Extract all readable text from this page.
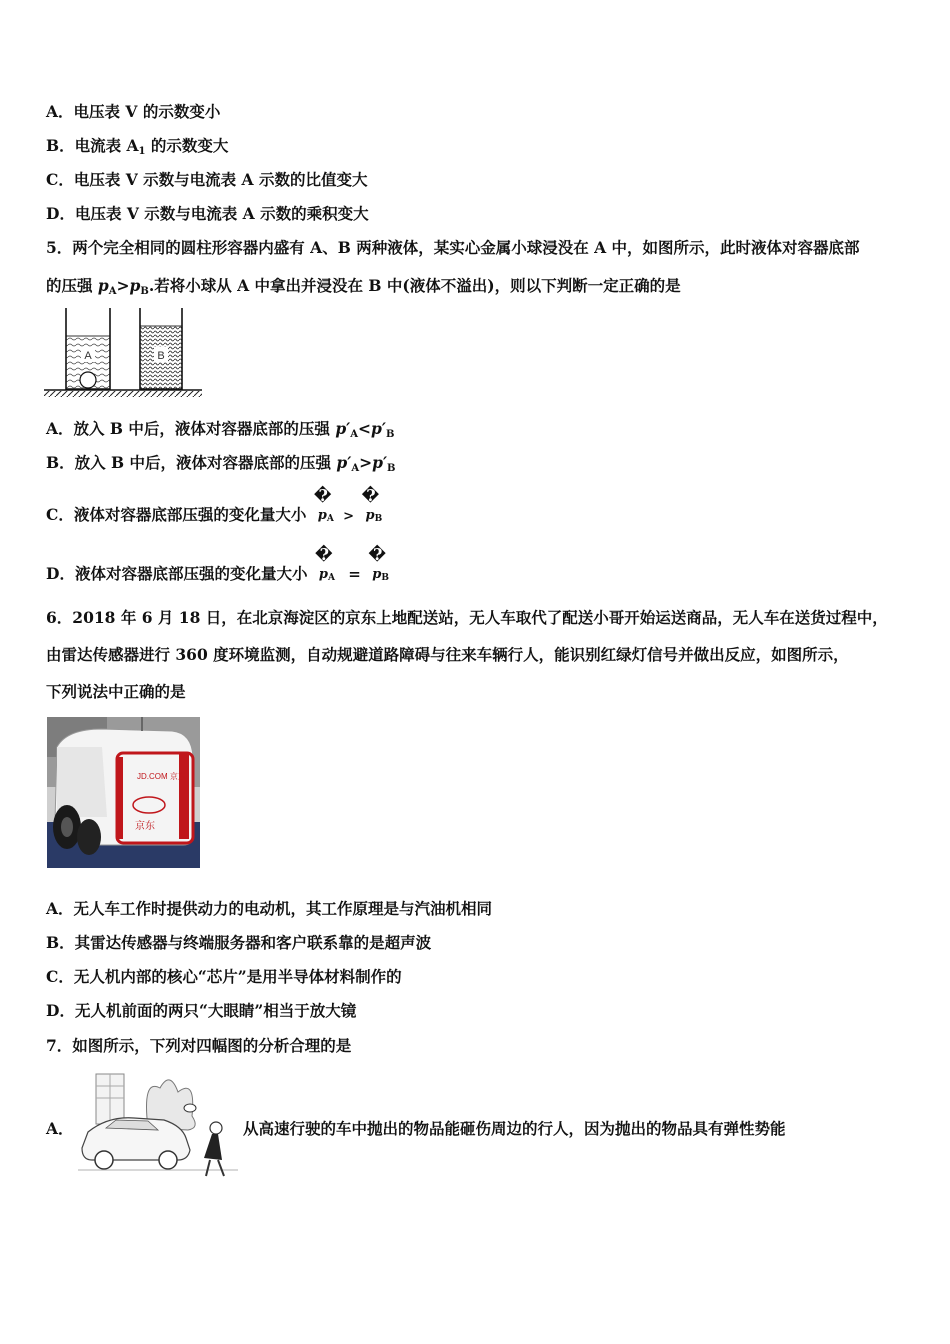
A．电压表 V 的示数变小
B．电流表 $A_1$ 的示数变大
C．电压表 V 示数与电流表 A 示数的比值变大
D．电压表 V 示数与电流表 A 示数的乘积变大
5．两个完全相同的圆柱形容器内盛有 A、B 两种液体，某实心金属小球浸没在 A 中，如图所示，此时液体对容器底部
的压强 $p_A>p_B$.若将小球从 A 中拿出并浸没在 B 中(液体不溢出)，则以下判断一定正确的是
A	B
A．放入 B 中后，液体对容器底部的压强 $p'_A<p'_B$
B．放入 B 中后，液体对容器底部的压强 $p'_A>p'_B$
C．液体对容器底部压强的变化量大小
�
$p_A$ >
�
$p_B$
D．液体对容器底部压强的变化量大小
�
$p_A$ =
�
$p_B$
6．2018 年 6 月 18 日，在北京海淀区的京东上地配送站，无人车取代了配送小哥开始运送商品，无人车在送货过程中，
由雷达传感器进行 360 度环境监测，自动规避道路障碍与往来车辆行人，能识别红绿灯信号并做出反应，如图所示，
下列说法中正确的是
JD.COM 京东
京东
A．无人车工作时提供动力的电动机，其工作原理是与汽油机相同
B．其雷达传感器与终端服务器和客户联系靠的是超声波
C．无人机内部的核心“芯片”是用半导体材料制作的
D．无人机前面的两只“大眼睛”相当于放大镜
7．如图所示，下列对四幅图的分析合理的是
A．	从高速行驶的车中抛出的物品能砸伤周边的行人，因为抛出的物品具有弹性势能
